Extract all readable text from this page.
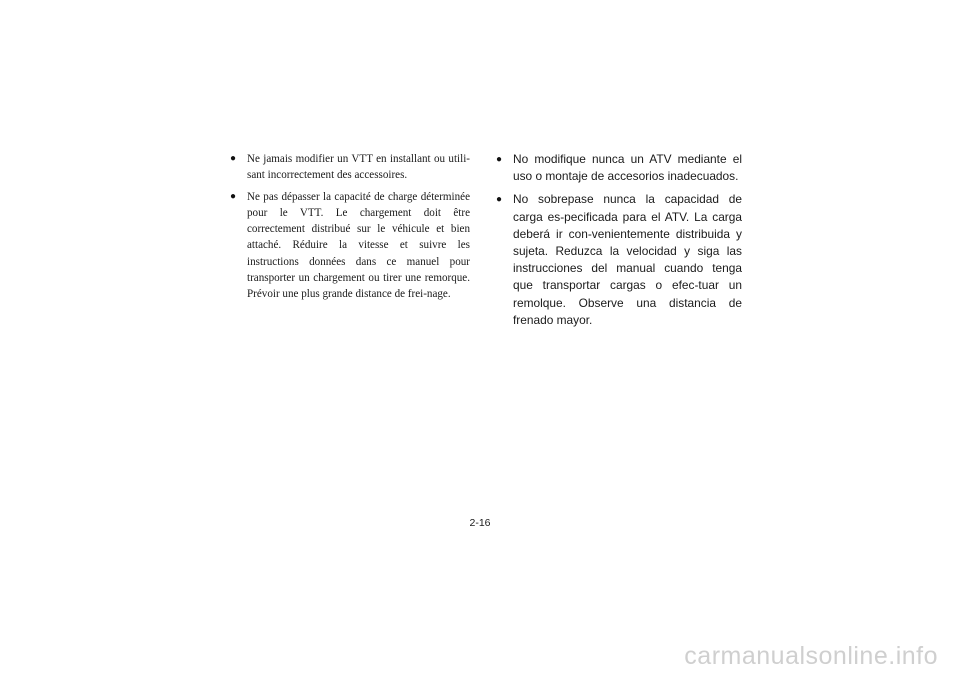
● Ne jamais modifier un VTT en installant ou utili-sant incorrectement des accessoires.
● Ne pas dépasser la capacité de charge déterminée pour le VTT. Le chargement doit être correctement distribué sur le véhicule et bien attaché. Réduire la vitesse et suivre les instructions données dans ce manuel pour transporter un chargement ou tirer une remorque. Prévoir une plus grande distance de frei-nage.
● No modifique nunca un ATV mediante el uso o montaje de accesorios inadecuados.
● No sobrepase nunca la capacidad de carga es-pecificada para el ATV. La carga deberá ir con-venientemente distribuida y sujeta. Reduzca la velocidad y siga las instrucciones del manual cuando tenga que transportar cargas o efec-tuar un remolque. Observe una distancia de frenado mayor.
2-16
carmanualsonline.info
